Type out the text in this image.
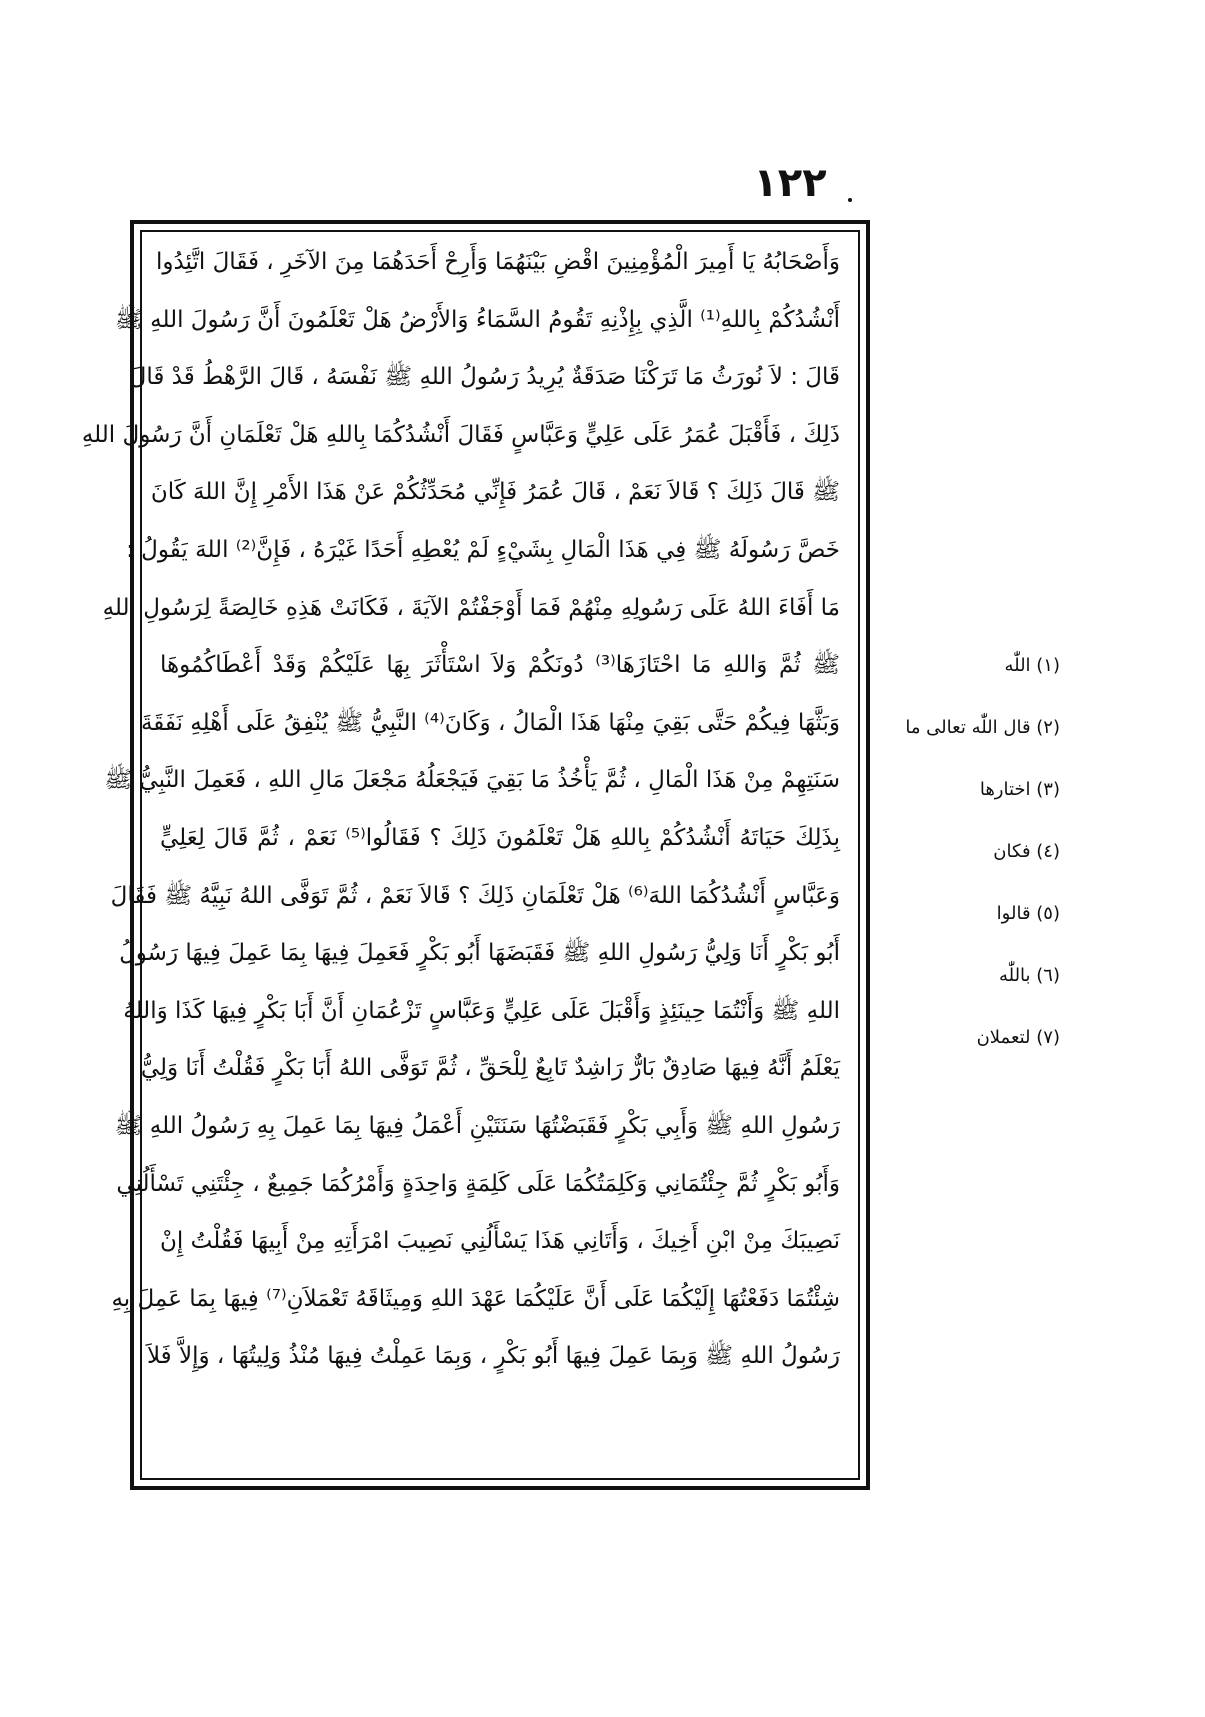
١٢٢
وَأَصْحَابُهُ يَا أَمِيرَ الْمُؤْمِنِينَ اقْضِ بَيْنَهُمَا وَأَرِحْ أَحَدَهُمَا مِنَ الآخَرِ ، فَقَالَ اتَّئِدُوا
أَنْشُدُكُمْ بِاللهِ⁽¹⁾ الَّذِي بِإِذْنِهِ تَقُومُ السَّمَاءُ وَالأَرْضُ هَلْ تَعْلَمُونَ أَنَّ رَسُولَ اللهِ ﷺ
قَالَ : لاَ نُورَثُ مَا تَرَكْنَا صَدَقَةٌ يُرِيدُ رَسُولُ اللهِ ﷺ نَفْسَهُ ، قَالَ الرَّهْطُ قَدْ قَالَ
ذَلِكَ ، فَأَقْبَلَ عُمَرُ عَلَى عَلِيٍّ وَعَبَّاسٍ فَقَالَ أَنْشُدُكُمَا بِاللهِ هَلْ تَعْلَمَانِ أَنَّ رَسُولَ اللهِ
ﷺ قَالَ ذَلِكَ ؟ قَالاَ نَعَمْ ، قَالَ عُمَرُ فَإِنِّي مُحَدِّثُكُمْ عَنْ هَذَا الأَمْرِ إِنَّ اللهَ كَانَ
خَصَّ رَسُولَهُ ﷺ فِي هَذَا الْمَالِ بِشَيْءٍ لَمْ يُعْطِهِ أَحَدًا غَيْرَهُ ، فَإِنَّ⁽²⁾ اللهَ يَقُولُ :
مَا أَفَاءَ اللهُ عَلَى رَسُولِهِ مِنْهُمْ فَمَا أَوْجَفْتُمْ الآيَةَ ، فَكَانَتْ هَذِهِ خَالِصَةً لِرَسُولِ اللهِ
ﷺ ثُمَّ وَاللهِ مَا احْتَازَهَا⁽³⁾ دُونَكُمْ وَلاَ اسْتَأْثَرَ بِهَا عَلَيْكُمْ وَقَدْ أَعْطَاكُمُوهَا
وَبَثَّهَا فِيكُمْ حَتَّى بَقِيَ مِنْهَا هَذَا الْمَالُ ، وَكَانَ⁽⁴⁾ النَّبِيُّ ﷺ يُنْفِقُ عَلَى أَهْلِهِ نَفَقَةَ
سَنَتِهِمْ مِنْ هَذَا الْمَالِ ، ثُمَّ يَأْخُذُ مَا بَقِيَ فَيَجْعَلُهُ مَجْعَلَ مَالِ اللهِ ، فَعَمِلَ النَّبِيُّ ﷺ
بِذَلِكَ حَيَاتَهُ أَنْشُدُكُمْ بِاللهِ هَلْ تَعْلَمُونَ ذَلِكَ ؟ فَقَالُوا⁽⁵⁾ نَعَمْ ، ثُمَّ قَالَ لِعَلِيٍّ
وَعَبَّاسٍ أَنْشُدُكُمَا اللهَ⁽⁶⁾ هَلْ تَعْلَمَانِ ذَلِكَ ؟ قَالاَ نَعَمْ ، ثُمَّ تَوَفَّى اللهُ نَبِيَّهُ ﷺ فَقَالَ
أَبُو بَكْرٍ أَنَا وَلِيُّ رَسُولِ اللهِ ﷺ فَقَبَضَهَا أَبُو بَكْرٍ فَعَمِلَ فِيهَا بِمَا عَمِلَ فِيهَا رَسُولُ
اللهِ ﷺ وَأَنْتُمَا حِينَئِذٍ وَأَقْبَلَ عَلَى عَلِيٍّ وَعَبَّاسٍ تَزْعُمَانِ أَنَّ أَبَا بَكْرٍ فِيهَا كَذَا وَاللهُ
يَعْلَمُ أَنَّهُ فِيهَا صَادِقٌ بَارٌّ رَاشِدٌ تَابِعٌ لِلْحَقِّ ، ثُمَّ تَوَفَّى اللهُ أَبَا بَكْرٍ فَقُلْتُ أَنَا وَلِيُّ
رَسُولِ اللهِ ﷺ وَأَبِي بَكْرٍ فَقَبَضْتُهَا سَنَتَيْنِ أَعْمَلُ فِيهَا بِمَا عَمِلَ بِهِ رَسُولُ اللهِ ﷺ
وَأَبُو بَكْرٍ ثُمَّ جِئْتُمَانِي وَكَلِمَتُكُمَا عَلَى كَلِمَةٍ وَاحِدَةٍ وَأَمْرُكُمَا جَمِيعٌ ، جِئْتَنِي تَسْأَلُنِي
نَصِيبَكَ مِنْ ابْنِ أَخِيكَ ، وَأَتَانِي هَذَا يَسْأَلُنِي نَصِيبَ امْرَأَتِهِ مِنْ أَبِيهَا فَقُلْتُ إِنْ
شِئْتُمَا دَفَعْتُهَا إِلَيْكُمَا عَلَى أَنَّ عَلَيْكُمَا عَهْدَ اللهِ وَمِيثَاقَهُ تَعْمَلاَنِ⁽⁷⁾ فِيهَا بِمَا عَمِلَ بِهِ
رَسُولُ اللهِ ﷺ وَبِمَا عَمِلَ فِيهَا أَبُو بَكْرٍ ، وَبِمَا عَمِلْتُ فِيهَا مُنْذُ وَلِيتُهَا ، وَإِلاَّ فَلاَ
(١) اللّٰه
(٢) قال اللّٰه تعالى ما
(٣) اختارها
(٤) فكان
(٥) قالوا
(٦) باللّٰه
(٧) لتعملان
